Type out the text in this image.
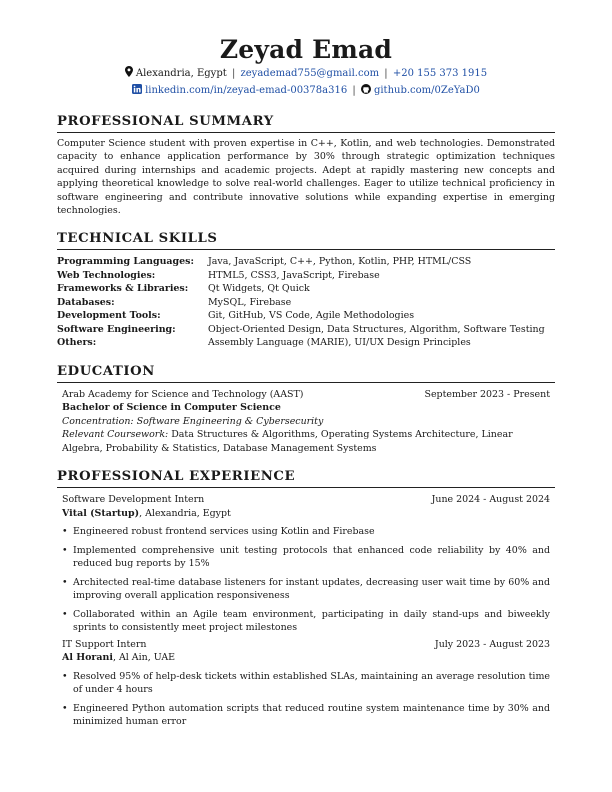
Zeyad Emad
Alexandria, Egypt | zeyademad755@gmail.com | +20 155 373 1915
linkedin.com/in/zeyad-emad-00378a316 | github.com/0ZeYaD0
PROFESSIONAL SUMMARY

Computer Science student with proven expertise in C++, Kotlin, and web technologies. Demonstrated capacity to enhance application performance by 30% through strategic optimization techniques acquired during internships and academic projects. Adept at rapidly mastering new concepts and applying theoretical knowledge to solve real-world challenges. Eager to utilize technical proficiency in software engineering and contribute innovative solutions while expanding expertise in emerging technologies.

TECHNICAL SKILLS
Programming Languages:	Java, JavaScript, C++, Python, Kotlin, PHP, HTML/CSS
Web Technologies:	HTML5, CSS3, JavaScript, Firebase
Frameworks & Libraries:	Qt Widgets, Qt Quick
Databases:	MySQL, Firebase
Development Tools:	Git, GitHub, VS Code, Agile Methodologies
Software Engineering:	Object-Oriented Design, Data Structures, Algorithm, Software Testing
Others:	Assembly Language (MARIE), UI/UX Design Principles
EDUCATION
Arab Academy for Science and Technology (AAST)	September 2023 - Present
Bachelor of Science in Computer Science
Concentration: Software Engineering & Cybersecurity
Relevant Coursework: Data Structures & Algorithms, Operating Systems Architecture, Linear Algebra, Probability & Statistics, Database Management Systems
PROFESSIONAL EXPERIENCE
Software Development Intern	June 2024 - August 2024
Vital (Startup), Alexandria, Egypt
• Engineered robust frontend services using Kotlin and Firebase
• Implemented comprehensive unit testing protocols that enhanced code reliability by 40% and reduced bug reports by 15%
• Architected real-time database listeners for instant updates, decreasing user wait time by 60% and improving overall application responsiveness
• Collaborated within an Agile team environment, participating in daily stand-ups and biweekly sprints to consistently meet project milestones
IT Support Intern	July 2023 - August 2023
Al Horani, Al Ain, UAE
• Resolved 95% of help-desk tickets within established SLAs, maintaining an average resolution time of under 4 hours
• Engineered Python automation scripts that reduced routine system maintenance time by 30% and minimized human error
